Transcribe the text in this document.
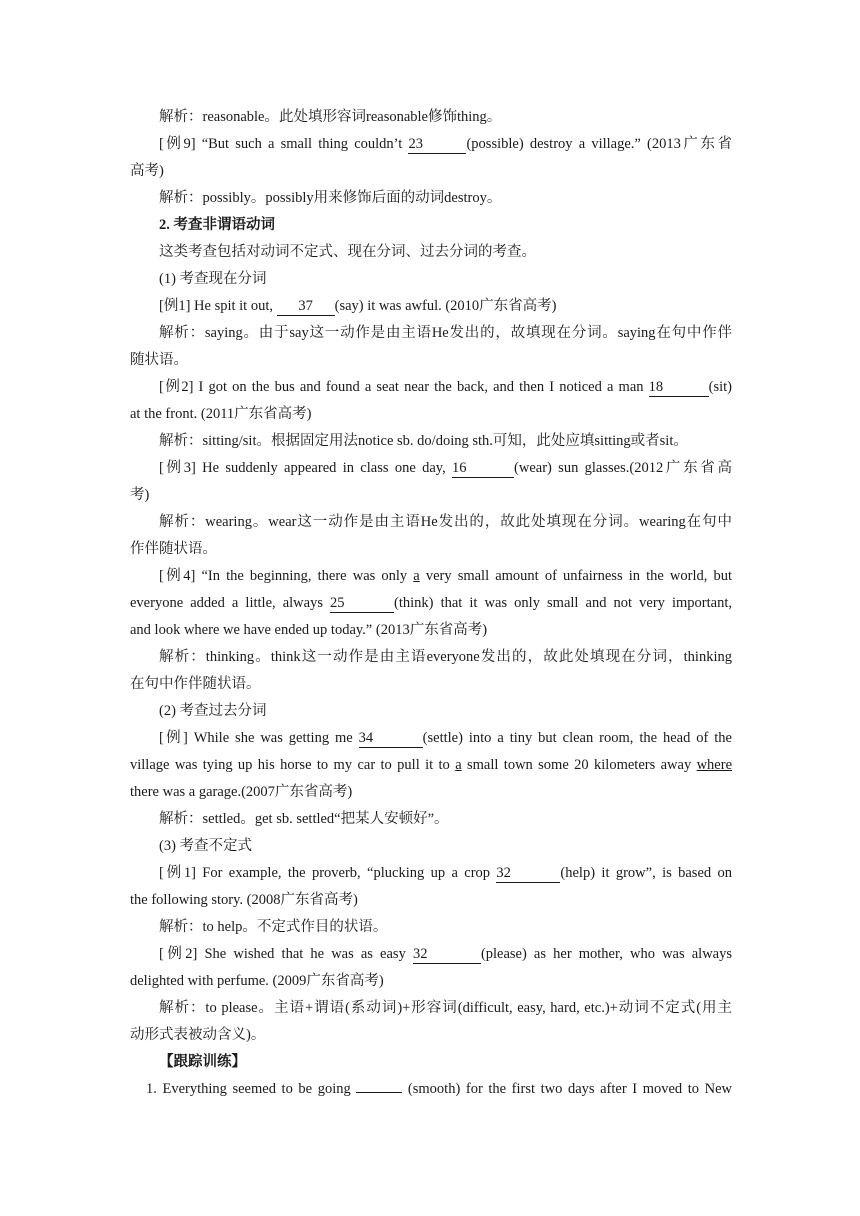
解析：reasonable。此处填形容词reasonable修饰thing。
[例9] “But such a small thing couldn’t 23	(possible) destroy a village.” (2013广东省
高考)
解析：possibly。possibly用来修饰后面的动词destroy。
2. 考查非谓语动词
这类考查包括对动词不定式、现在分词、过去分词的考查。
(1) 考查现在分词
[例1] He spit it out, 37 (say) it was awful. (2010广东省高考)
解析：saying。由于say这一动作是由主语He发出的，故填现在分词。saying在句中作伴
随状语。
[例2] I got on the bus and found a seat near the back, and then I noticed a man 18	(sit)
at the front. (2011广东省高考)
解析：sitting/sit。根据固定用法notice sb. do/doing sth.可知，此处应填sitting或者sit。
[例3] He suddenly appeared in class one day, 16	(wear) sun glasses.(2012广东省高
考)
解析：wearing。wear这一动作是由主语He发出的，故此处填现在分词。wearing在句中
作伴随状语。
[例4] “In the beginning, there was only a very small amount of unfairness in the world, but
everyone added a little, always 25	(think) that it was only small and not very important,
and look where we have ended up today.” (2013广东省高考)
解析：thinking。think这一动作是由主语everyone发出的，故此处填现在分词，thinking
在句中作伴随状语。
(2) 考查过去分词
[例] While she was getting me 34	(settle) into a tiny but clean room, the head of the
village was tying up his horse to my car to pull it to a small town some 20 kilometers away where
there was a garage.(2007广东省高考)
解析：settled。get sb. settled“把某人安顿好”。
(3) 考查不定式
[例1] For example, the proverb, “plucking up a crop 32	(help) it grow”, is based on
the following story. (2008广东省高考)
解析：to help。不定式作目的状语。
[例2] She wished that he was as easy 32	(please) as her mother, who was always
delighted with perfume. (2009广东省高考)
解析：to please。主语+谓语(系动词)+形容词(difficult, easy, hard, etc.)+动词不定式(用主
动形式表被动含义)。
【跟踪训练】
1. Everything seemed to be going	(smooth) for the first two days after I moved to New
